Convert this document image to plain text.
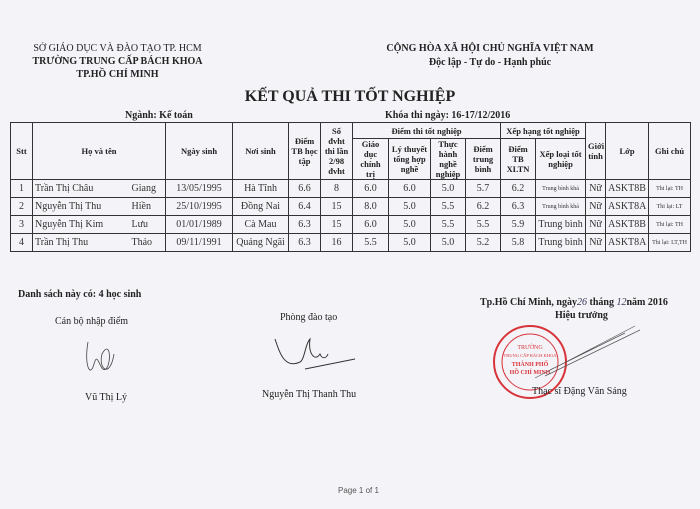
SỞ GIÁO DỤC VÀ ĐÀO TẠO TP. HCM
TRƯỜNG TRUNG CẤP BÁCH KHOA
TP.HỒ CHÍ MINH
CỘNG HÒA XÃ HỘI CHỦ NGHĨA VIỆT NAM
Độc lập - Tự do - Hạnh phúc
KẾT QUẢ THI TỐT NGHIỆP
Ngành: Kế toán	Khóa thi ngày: 16-17/12/2016
Stt	Họ và tên		Ngày sinh	Nơi sinh	Điểm TB học tập	Số đvht thi lần 2/98 đvht	Điểm thi tốt nghiệp				Xếp hạng tốt nghiệp		Giới tính	Lớp	Ghi chú
							Giáo dục chính trị	Lý thuyết tổng hợp nghề	Thực hành nghề nghiệp	Điểm trung bình	Điểm TB XLTN	Xếp loại tốt nghiệp			
1	Trần Thị Châu	Giang	13/05/1995	Hà Tĩnh	6.6	8	6.0	6.0	5.0	5.7	6.2	Trung bình khá	Nữ	ASKT8B	Thi lại: TH
2	Nguyễn Thị Thu	Hiền	25/10/1995	Đồng Nai	6.4	15	8.0	5.0	5.5	6.2	6.3	Trung bình khá	Nữ	ASKT8A	Thi lại: LT
3	Nguyễn Thị Kim	Lưu	01/01/1989	Cà Mau	6.3	15	6.0	5.0	5.5	5.5	5.9	Trung bình	Nữ	ASKT8B	Thi lại: TH
4	Trần Thị Thu	Thảo	09/11/1991	Quảng Ngãi	6.3	16	5.5	5.0	5.0	5.2	5.8	Trung bình	Nữ	ASKT8A	Thi lại: LT,TH
Danh sách này có: 4 học sinh
Tp.Hồ Chí Minh, ngày26 tháng 12năm 2016
Cán bộ nhập điểm	Phòng đào tạo	Hiệu trưởng
TRƯỜNG
TRUNG CẤP BÁCH KHOA
THÀNH PHỐ
HỒ CHÍ MINH
Vũ Thị Lý	Nguyễn Thị Thanh Thu	Thạc sĩ Đặng Văn Sáng
Page 1 of 1
